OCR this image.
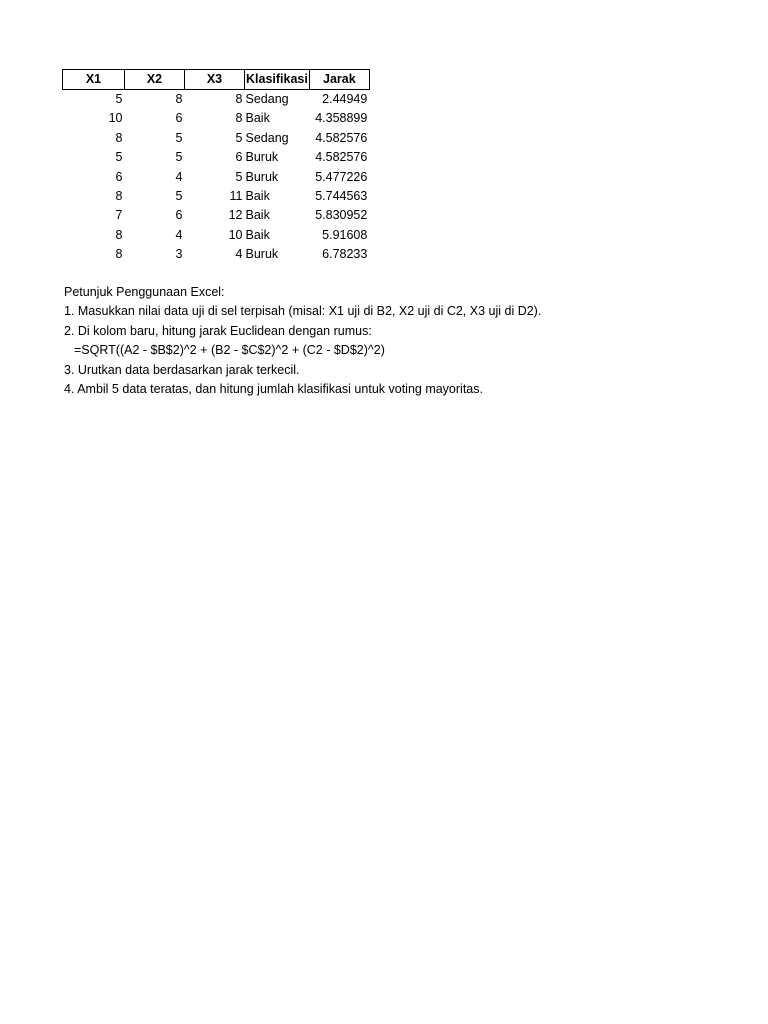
X1	X2	X3	Klasifikasi	Jarak
5	8	8	Sedang	2.44949
10	6	8	Baik	4.358899
8	5	5	Sedang	4.582576
5	5	6	Buruk	4.582576
6	4	5	Buruk	5.477226
8	5	11	Baik	5.744563
7	6	12	Baik	5.830952
8	4	10	Baik	5.91608
8	3	4	Buruk	6.78233
Petunjuk Penggunaan Excel:
1. Masukkan nilai data uji di sel terpisah (misal: X1 uji di B2, X2 uji di C2, X3 uji di D2).
2. Di kolom baru, hitung jarak Euclidean dengan rumus:
=SQRT((A2 - $B$2)^2 + (B2 - $C$2)^2 + (C2 - $D$2)^2)
3. Urutkan data berdasarkan jarak terkecil.
4. Ambil 5 data teratas, dan hitung jumlah klasifikasi untuk voting mayoritas.
